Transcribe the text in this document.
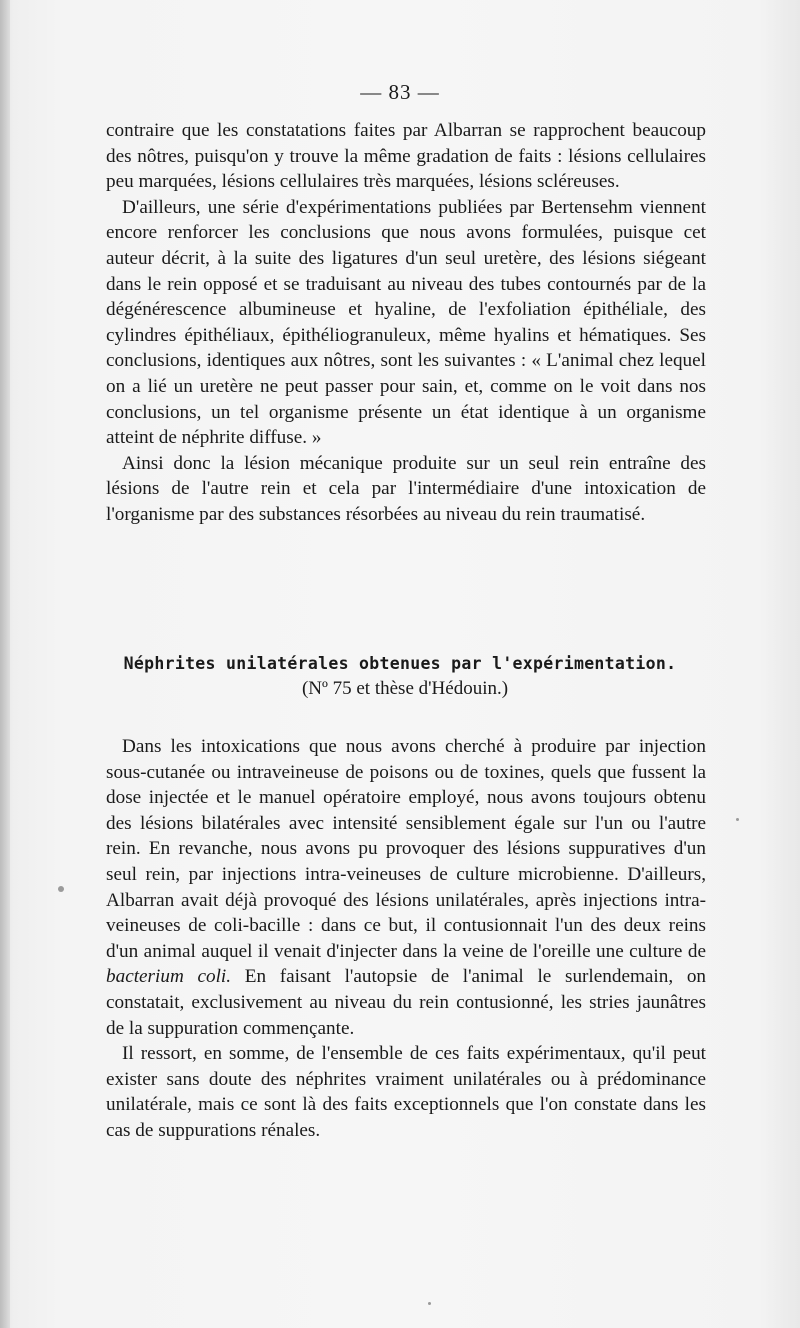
— 83 —

contraire que les constatations faites par Albarran se rapprochent beaucoup des nôtres, puisqu'on y trouve la même gradation de faits : lésions cellulaires peu marquées, lésions cellulaires très marquées, lésions scléreuses.

D'ailleurs, une série d'expérimentations publiées par Bertensehm viennent encore renforcer les conclusions que nous avons formulées, puisque cet auteur décrit, à la suite des ligatures d'un seul uretère, des lésions siégeant dans le rein opposé et se traduisant au niveau des tubes contournés par de la dégénérescence albumineuse et hyaline, de l'exfoliation épithéliale, des cylindres épithéliaux, épithéliogranuleux, même hyalins et hématiques. Ses conclusions, identiques aux nôtres, sont les suivantes : « L'animal chez lequel on a lié un uretère ne peut passer pour sain, et, comme on le voit dans nos conclusions, un tel organisme présente un état identique à un organisme atteint de néphrite diffuse. »

Ainsi donc la lésion mécanique produite sur un seul rein entraîne des lésions de l'autre rein et cela par l'intermédiaire d'une intoxication de l'organisme par des substances résorbées au niveau du rein traumatisé.

Néphrites unilatérales obtenues par l'expérimentation.
(Nº 75 et thèse d'Hédouin.)

Dans les intoxications que nous avons cherché à produire par injection sous-cutanée ou intraveineuse de poisons ou de toxines, quels que fussent la dose injectée et le manuel opératoire employé, nous avons toujours obtenu des lésions bilatérales avec intensité sensiblement égale sur l'un ou l'autre rein. En revanche, nous avons pu provoquer des lésions suppuratives d'un seul rein, par injections intra-veineuses de culture microbienne. D'ailleurs, Albarran avait déjà provoqué des lésions unilatérales, après injections intra-veineuses de coli-bacille : dans ce but, il contusionnait l'un des deux reins d'un animal auquel il venait d'injecter dans la veine de l'oreille une culture de bacterium coli. En faisant l'autopsie de l'animal le surlendemain, on constatait, exclusivement au niveau du rein contusionné, les stries jaunâtres de la suppuration commençante.

Il ressort, en somme, de l'ensemble de ces faits expérimentaux, qu'il peut exister sans doute des néphrites vraiment unilatérales ou à prédominance unilatérale, mais ce sont là des faits exceptionnels que l'on constate dans les cas de suppurations rénales.
